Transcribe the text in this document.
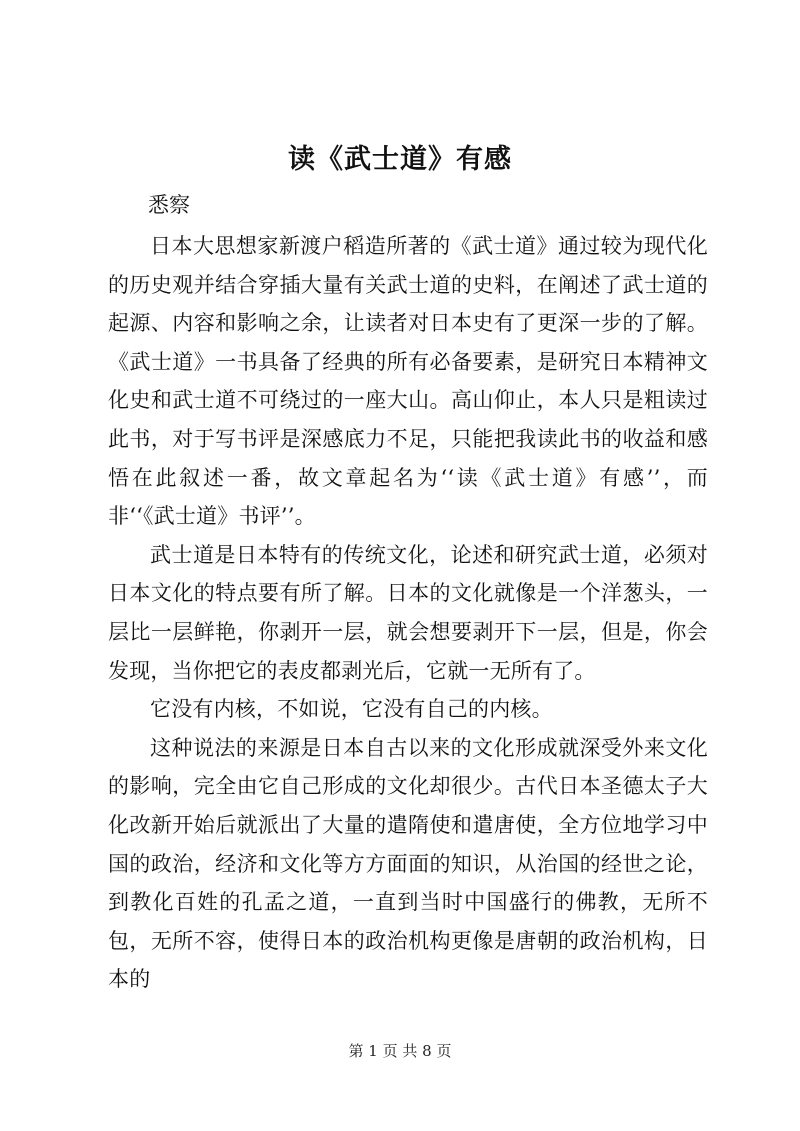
读《武士道》有感
悉察

日本大思想家新渡户稻造所著的《武士道》通过较为现代化的历史观并结合穿插大量有关武士道的史料，在阐述了武士道的起源、内容和影响之余，让读者对日本史有了更深一步的了解。《武士道》一书具备了经典的所有必备要素，是研究日本精神文化史和武士道不可绕过的一座大山。高山仰止，本人只是粗读过此书，对于写书评是深感底力不足，只能把我读此书的收益和感悟在此叙述一番，故文章起名为‘‘读《武士道》有感’’，而非‘‘《武士道》书评’’。

武士道是日本特有的传统文化，论述和研究武士道，必须对日本文化的特点要有所了解。日本的文化就像是一个洋葱头，一层比一层鲜艳，你剥开一层，就会想要剥开下一层，但是，你会发现，当你把它的表皮都剥光后，它就一无所有了。

它没有内核，不如说，它没有自己的内核。

这种说法的来源是日本自古以来的文化形成就深受外来文化的影响，完全由它自己形成的文化却很少。古代日本圣德太子大化改新开始后就派出了大量的遣隋使和遣唐使，全方位地学习中国的政治，经济和文化等方方面面的知识，从治国的经世之论，到教化百姓的孔孟之道，一直到当时中国盛行的佛教，无所不包，无所不容，使得日本的政治机构更像是唐朝的政治机构，日本的

第 1 页 共 8 页
